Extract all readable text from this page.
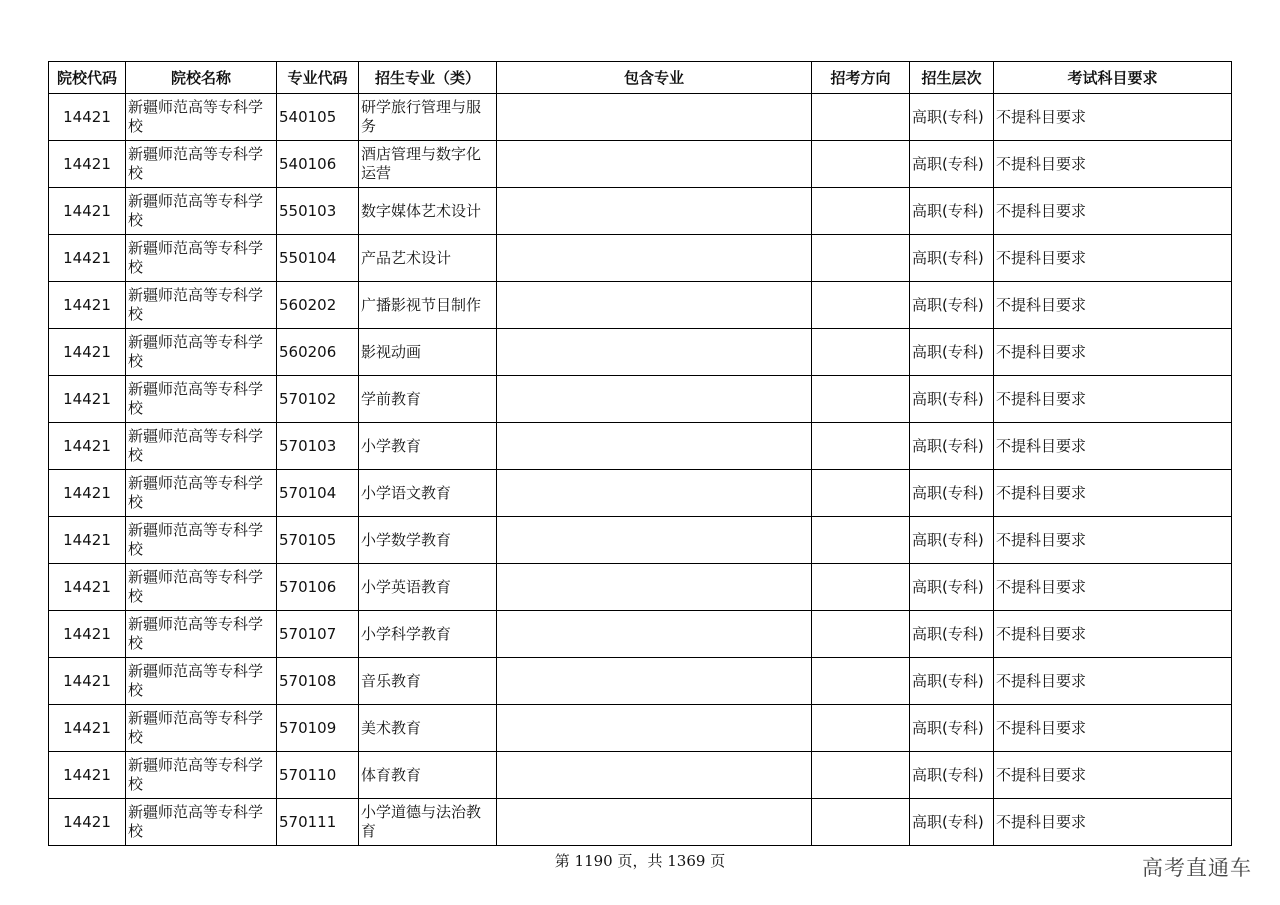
院校代码	院校名称	专业代码	招生专业（类）	包含专业	招考方向	招生层次	考试科目要求
14421	新疆师范高等专科学校	540105	研学旅行管理与服务			高职(专科)	不提科目要求
14421	新疆师范高等专科学校	540106	酒店管理与数字化运营			高职(专科)	不提科目要求
14421	新疆师范高等专科学校	550103	数字媒体艺术设计			高职(专科)	不提科目要求
14421	新疆师范高等专科学校	550104	产品艺术设计			高职(专科)	不提科目要求
14421	新疆师范高等专科学校	560202	广播影视节目制作			高职(专科)	不提科目要求
14421	新疆师范高等专科学校	560206	影视动画			高职(专科)	不提科目要求
14421	新疆师范高等专科学校	570102	学前教育			高职(专科)	不提科目要求
14421	新疆师范高等专科学校	570103	小学教育			高职(专科)	不提科目要求
14421	新疆师范高等专科学校	570104	小学语文教育			高职(专科)	不提科目要求
14421	新疆师范高等专科学校	570105	小学数学教育			高职(专科)	不提科目要求
14421	新疆师范高等专科学校	570106	小学英语教育			高职(专科)	不提科目要求
14421	新疆师范高等专科学校	570107	小学科学教育			高职(专科)	不提科目要求
14421	新疆师范高等专科学校	570108	音乐教育			高职(专科)	不提科目要求
14421	新疆师范高等专科学校	570109	美术教育			高职(专科)	不提科目要求
14421	新疆师范高等专科学校	570110	体育教育			高职(专科)	不提科目要求
14421	新疆师范高等专科学校	570111	小学道德与法治教育			高职(专科)	不提科目要求
第 1190 页，共 1369 页	高考直通车
